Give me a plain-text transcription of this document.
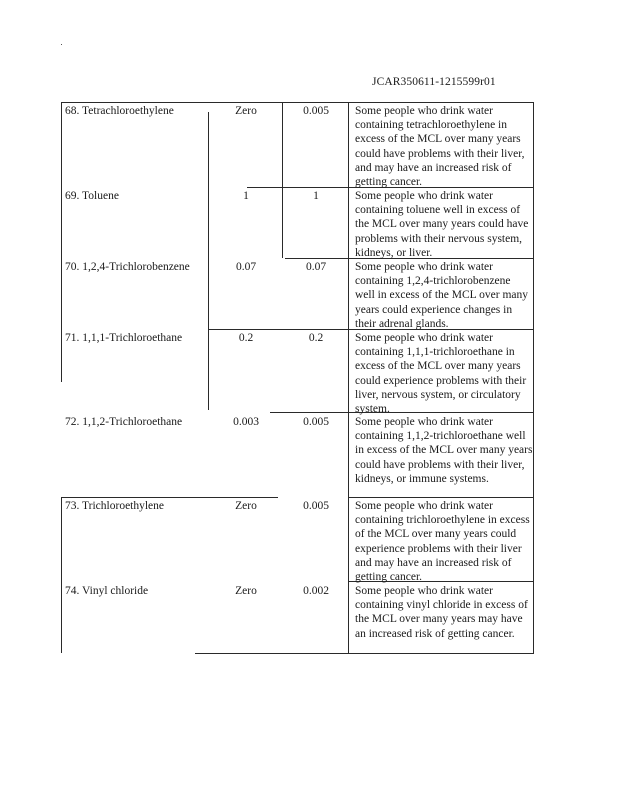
JCAR350611-1215599r01
68. Tetrachloroethylene	Zero	0.005	Some people who drink water containing tetrachloroethylene in excess of the MCL over many years could have problems with their liver, and may have an increased risk of getting cancer.
69. Toluene	1	1	Some people who drink water containing toluene well in excess of the MCL over many years could have problems with their nervous system, kidneys, or liver.
70. 1,2,4-Trichlorobenzene	0.07	0.07	Some people who drink water containing 1,2,4-trichlorobenzene well in excess of the MCL over many years could experience changes in their adrenal glands.
71. 1,1,1-Trichloroethane	0.2	0.2	Some people who drink water containing 1,1,1-trichloroethane in excess of the MCL over many years could experience problems with their liver, nervous system, or circulatory system.
72. 1,1,2-Trichloroethane	0.003	0.005	Some people who drink water containing 1,1,2-trichloroethane well in excess of the MCL over many years could have problems with their liver, kidneys, or immune systems.
73. Trichloroethylene	Zero	0.005	Some people who drink water containing trichloroethylene in excess of the MCL over many years could experience problems with their liver and may have an increased risk of getting cancer.
74. Vinyl chloride	Zero	0.002	Some people who drink water containing vinyl chloride in excess of the MCL over many years may have an increased risk of getting cancer.
